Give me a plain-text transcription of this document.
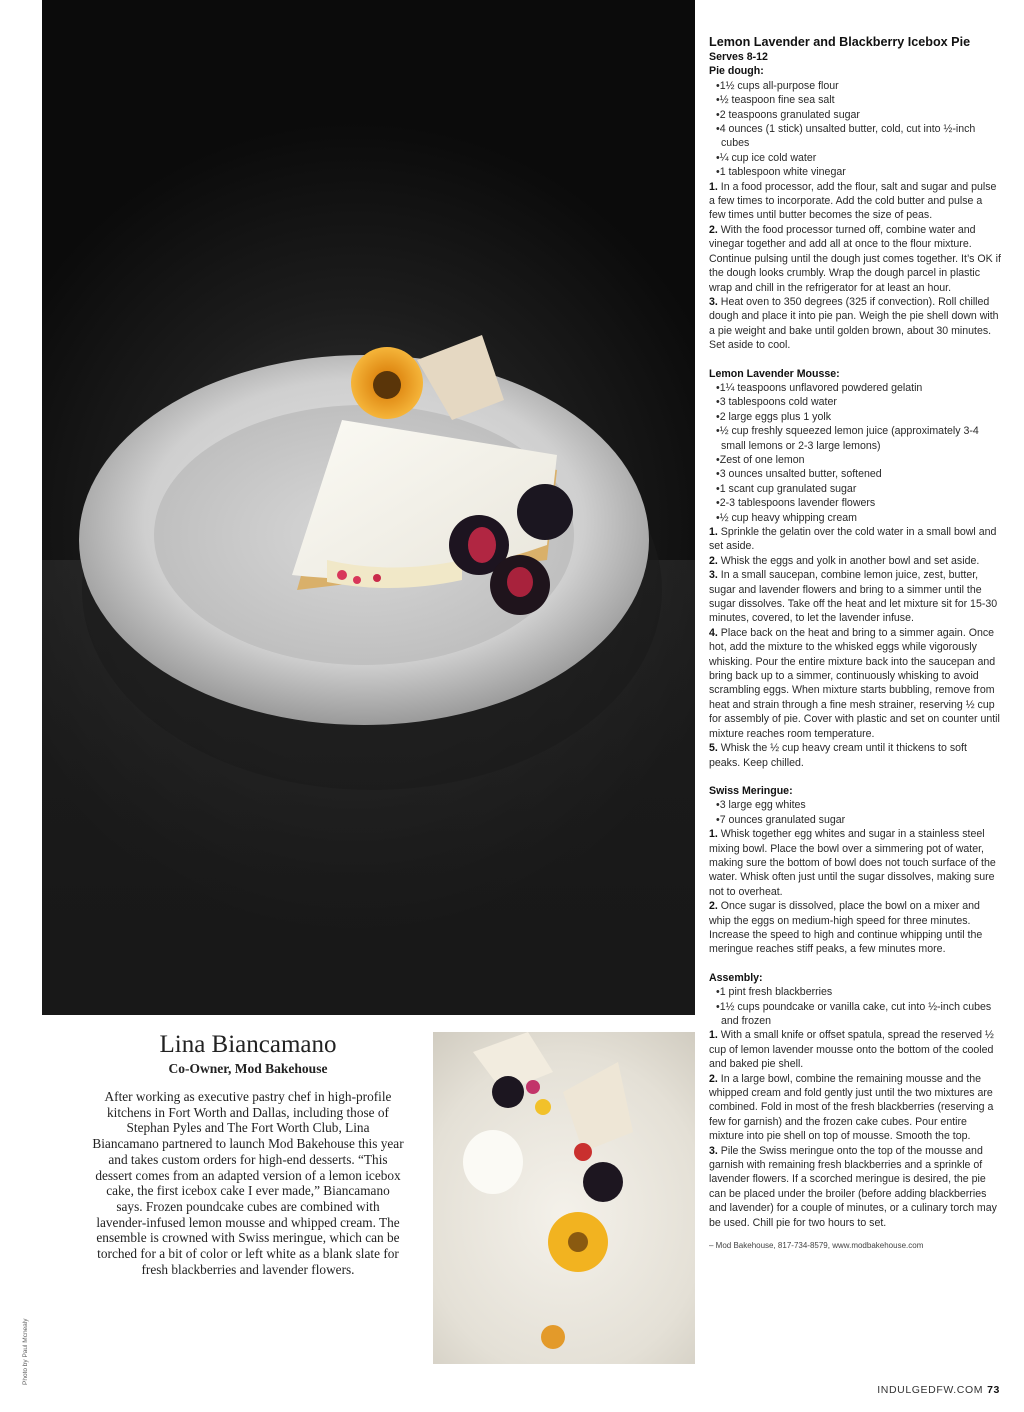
Lemon Lavender and Blackberry Icebox Pie
Serves 8-12
Pie dough:
• 1½ cups all-purpose flour
• ½ teaspoon fine sea salt
• 2 teaspoons granulated sugar
• 4 ounces (1 stick) unsalted butter, cold, cut into ½-inch cubes
• ¼ cup ice cold water
• 1 tablespoon white vinegar
1. In a food processor, add the flour, salt and sugar and pulse a few times to incorporate. Add the cold butter and pulse a few times until butter becomes the size of peas.
2. With the food processor turned off, combine water and vinegar together and add all at once to the flour mixture. Continue pulsing until the dough just comes together. It’s OK if the dough looks crumbly. Wrap the dough parcel in plastic wrap and chill in the refrigerator for at least an hour.
3. Heat oven to 350 degrees (325 if convection). Roll chilled dough and place it into pie pan. Weigh the pie shell down with a pie weight and bake until golden brown, about 30 minutes. Set aside to cool.
Lemon Lavender Mousse:
• 1¼ teaspoons unflavored powdered gelatin
• 3 tablespoons cold water
• 2 large eggs plus 1 yolk
• ½ cup freshly squeezed lemon juice (approximately 3-4 small lemons or 2-3 large lemons)
• Zest of one lemon
• 3 ounces unsalted butter, softened
• 1 scant cup granulated sugar
• 2-3 tablespoons lavender flowers
• ½ cup heavy whipping cream
1. Sprinkle the gelatin over the cold water in a small bowl and set aside.
2. Whisk the eggs and yolk in another bowl and set aside.
3. In a small saucepan, combine lemon juice, zest, butter, sugar and lavender flowers and bring to a simmer until the sugar dissolves. Take off the heat and let mixture sit for 15-30 minutes, covered, to let the lavender infuse.
4. Place back on the heat and bring to a simmer again. Once hot, add the mixture to the whisked eggs while vigorously whisking. Pour the entire mixture back into the saucepan and bring back up to a simmer, continuously whisking to avoid scrambling eggs. When mixture starts bubbling, remove from heat and strain through a fine mesh strainer, reserving ½ cup for assembly of pie. Cover with plastic and set on counter until mixture reaches room temperature.
5. Whisk the ½ cup heavy cream until it thickens to soft peaks. Keep chilled.
Swiss Meringue:
• 3 large egg whites
• 7 ounces granulated sugar
1. Whisk together egg whites and sugar in a stainless steel mixing bowl. Place the bowl over a simmering pot of water, making sure the bottom of bowl does not touch surface of the water. Whisk often just until the sugar dissolves, making sure not to overheat.
2. Once sugar is dissolved, place the bowl on a mixer and whip the eggs on medium-high speed for three minutes. Increase the speed to high and continue whipping until the meringue reaches stiff peaks, a few minutes more.
Assembly:
• 1 pint fresh blackberries
• 1½ cups poundcake or vanilla cake, cut into ½-inch cubes and frozen
1. With a small knife or offset spatula, spread the reserved ½ cup of lemon lavender mousse onto the bottom of the cooled and baked pie shell.
2. In a large bowl, combine the remaining mousse and the whipped cream and fold gently just until the two mixtures are combined. Fold in most of the fresh blackberries (reserving a few for garnish) and the frozen cake cubes. Pour entire mixture into pie shell on top of mousse. Smooth the top.
3. Pile the Swiss meringue onto the top of the mousse and garnish with remaining fresh blackberries and a sprinkle of lavender flowers. If a scorched meringue is desired, the pie can be placed under the broiler (before adding blackberries and lavender) for a couple of minutes, or a culinary torch may be used. Chill pie for two hours to set.
– Mod Bakehouse, 817-734-8579, www.modbakehouse.com
Lina Biancamano
Co-Owner, Mod Bakehouse
After working as executive pastry chef in high-profile kitchens in Fort Worth and Dallas, including those of Stephan Pyles and The Fort Worth Club, Lina Biancamano partnered to launch Mod Bakehouse this year and takes custom orders for high-end desserts. “This dessert comes from an adapted version of a lemon icebox cake, the first icebox cake I ever made,” Biancamano says. Frozen poundcake cubes are combined with lavender-infused lemon mousse and whipped cream. The ensemble is crowned with Swiss meringue, which can be torched for a bit of color or left white as a blank slate for fresh blackberries and lavender flowers.
Photo by Paul Mcnealy
INDULGEDFW.COM 73
